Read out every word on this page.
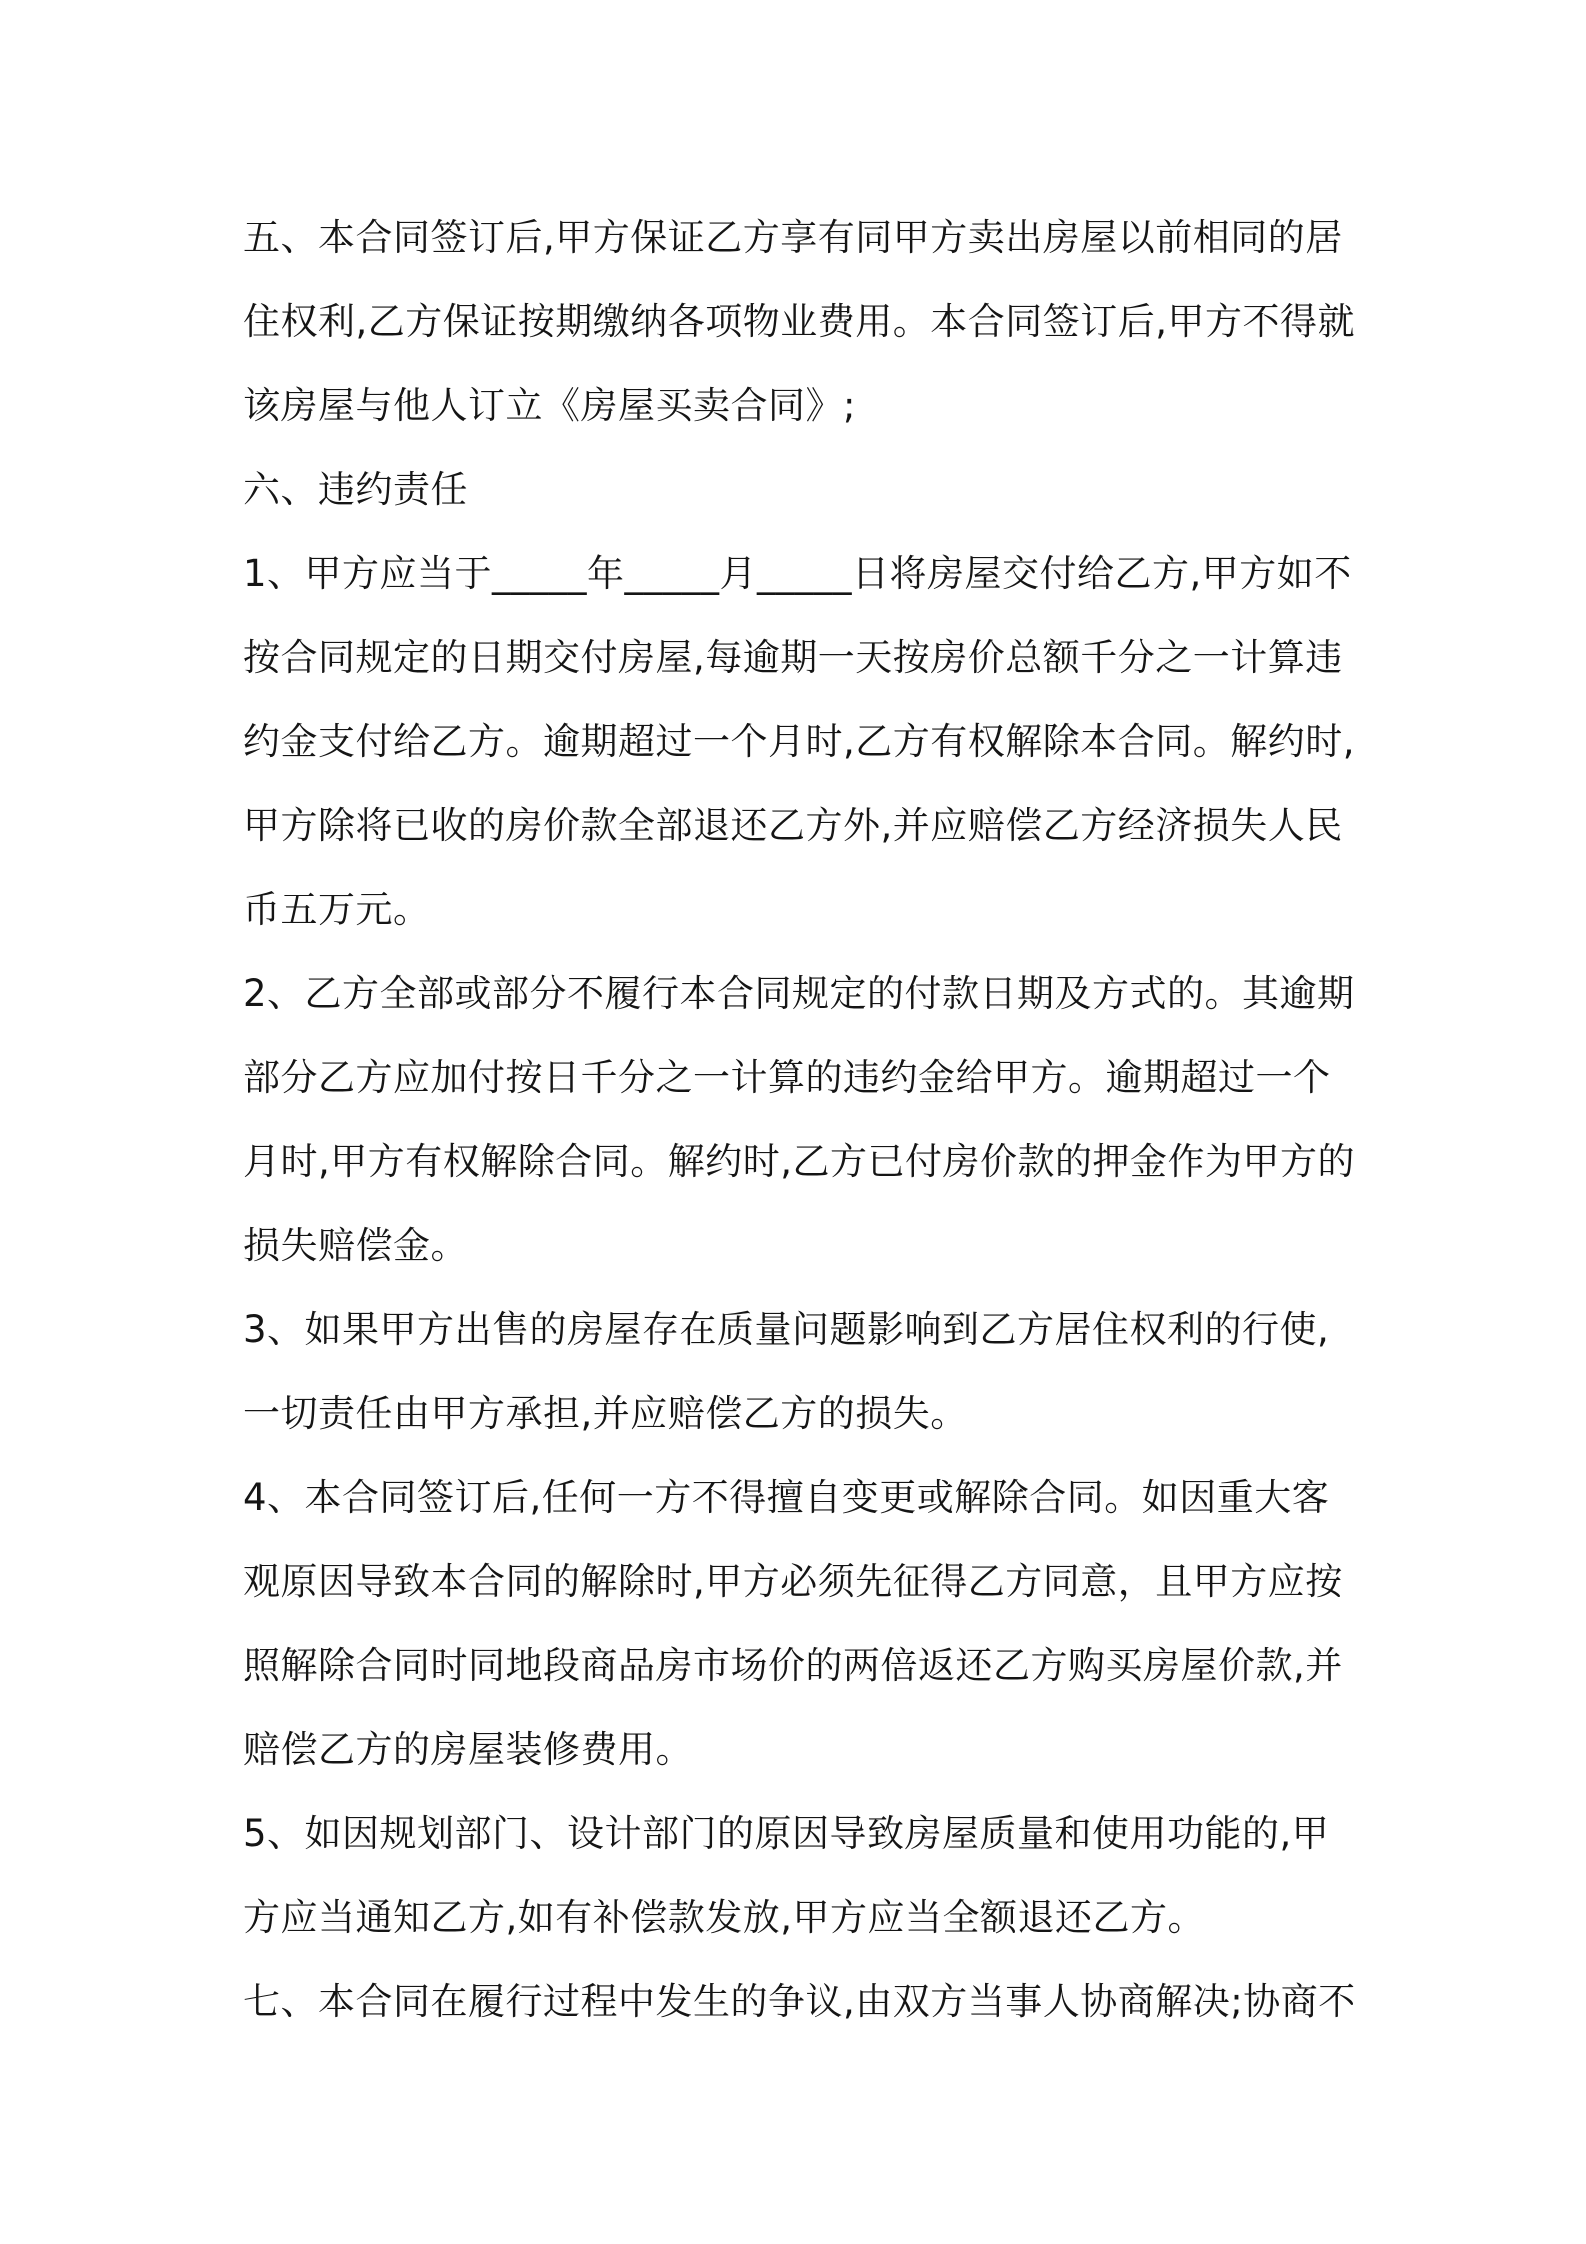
五、本合同签订后,甲方保证乙方享有同甲方卖出房屋以前相同的居住权利,乙方保证按期缴纳各项物业费用。本合同签订后,甲方不得就该房屋与他人订立《房屋买卖合同》;

六、违约责任

1、甲方应当于_____年_____月_____日将房屋交付给乙方,甲方如不按合同规定的日期交付房屋,每逾期一天按房价总额千分之一计算违约金支付给乙方。逾期超过一个月时,乙方有权解除本合同。解约时,甲方除将已收的房价款全部退还乙方外,并应赔偿乙方经济损失人民币五万元。

2、乙方全部或部分不履行本合同规定的付款日期及方式的。其逾期部分乙方应加付按日千分之一计算的违约金给甲方。逾期超过一个月时,甲方有权解除合同。解约时,乙方已付房价款的押金作为甲方的损失赔偿金。

3、如果甲方出售的房屋存在质量问题影响到乙方居住权利的行使,一切责任由甲方承担,并应赔偿乙方的损失。

4、本合同签订后,任何一方不得擅自变更或解除合同。如因重大客观原因导致本合同的解除时,甲方必须先征得乙方同意，且甲方应按照解除合同时同地段商品房市场价的两倍返还乙方购买房屋价款,并赔偿乙方的房屋装修费用。

5、如因规划部门、设计部门的原因导致房屋质量和使用功能的,甲方应当通知乙方,如有补偿款发放,甲方应当全额退还乙方。

七、本合同在履行过程中发生的争议,由双方当事人协商解决;协商不
